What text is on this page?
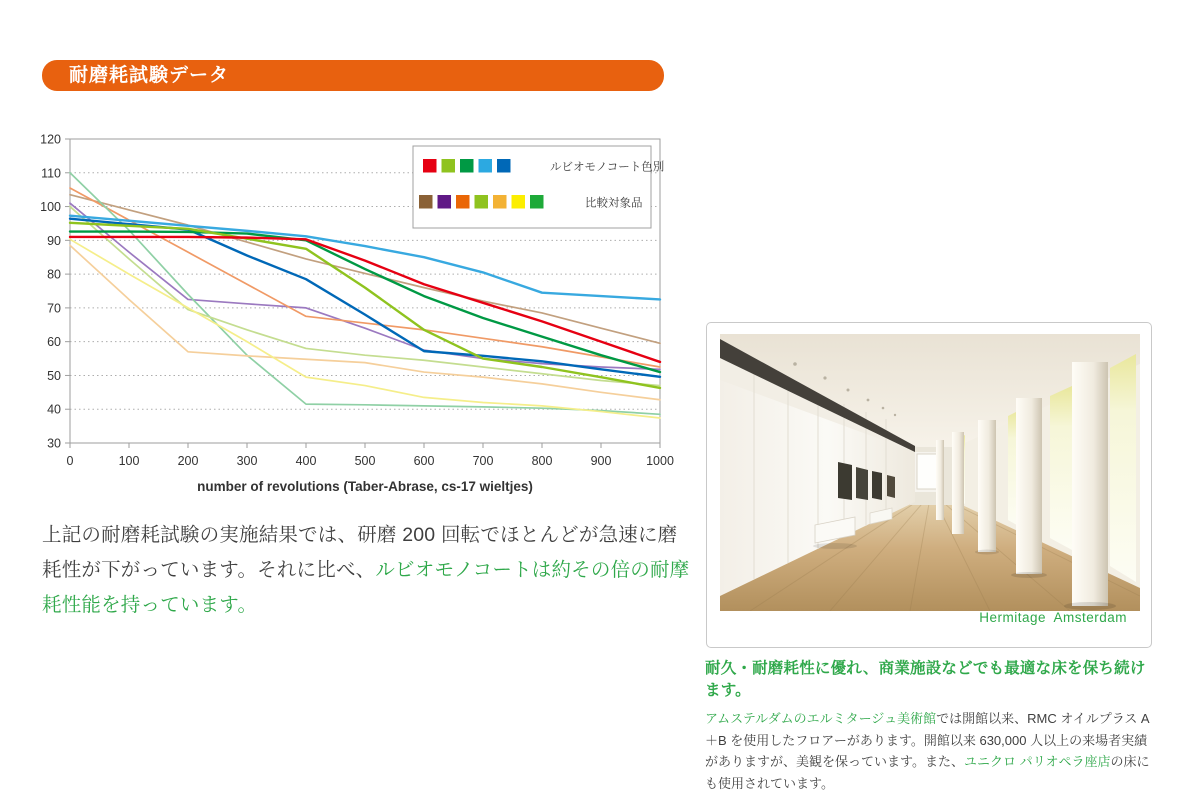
耐磨耗試験データ
120
110
100
90
80
70
60
50
40
30
0	100	200	300	400	500	600	700	800	900	1000
number of revolutions (Taber-Abrase, cs-17 wieltjes)
ルビオモノコート色別
比較対象品

上記の耐磨耗試験の実施結果では、研磨 200 回転でほとんどが急速に磨耗性が下がっています。それに比べ、ルビオモノコートは約その倍の耐摩耗性能を持っています。

Hermitage Amsterdam
耐久・耐磨耗性に優れ、商業施設などでも最適な床を保ち続けます。

アムステルダムのエルミタージュ美術館では開館以来、RMC オイルプラス A＋B を使用したフロアーがあります。開館以来 630,000 人以上の来場者実績がありますが、美観を保っています。また、ユニクロ パリオペラ座店の床にも使用されています。
